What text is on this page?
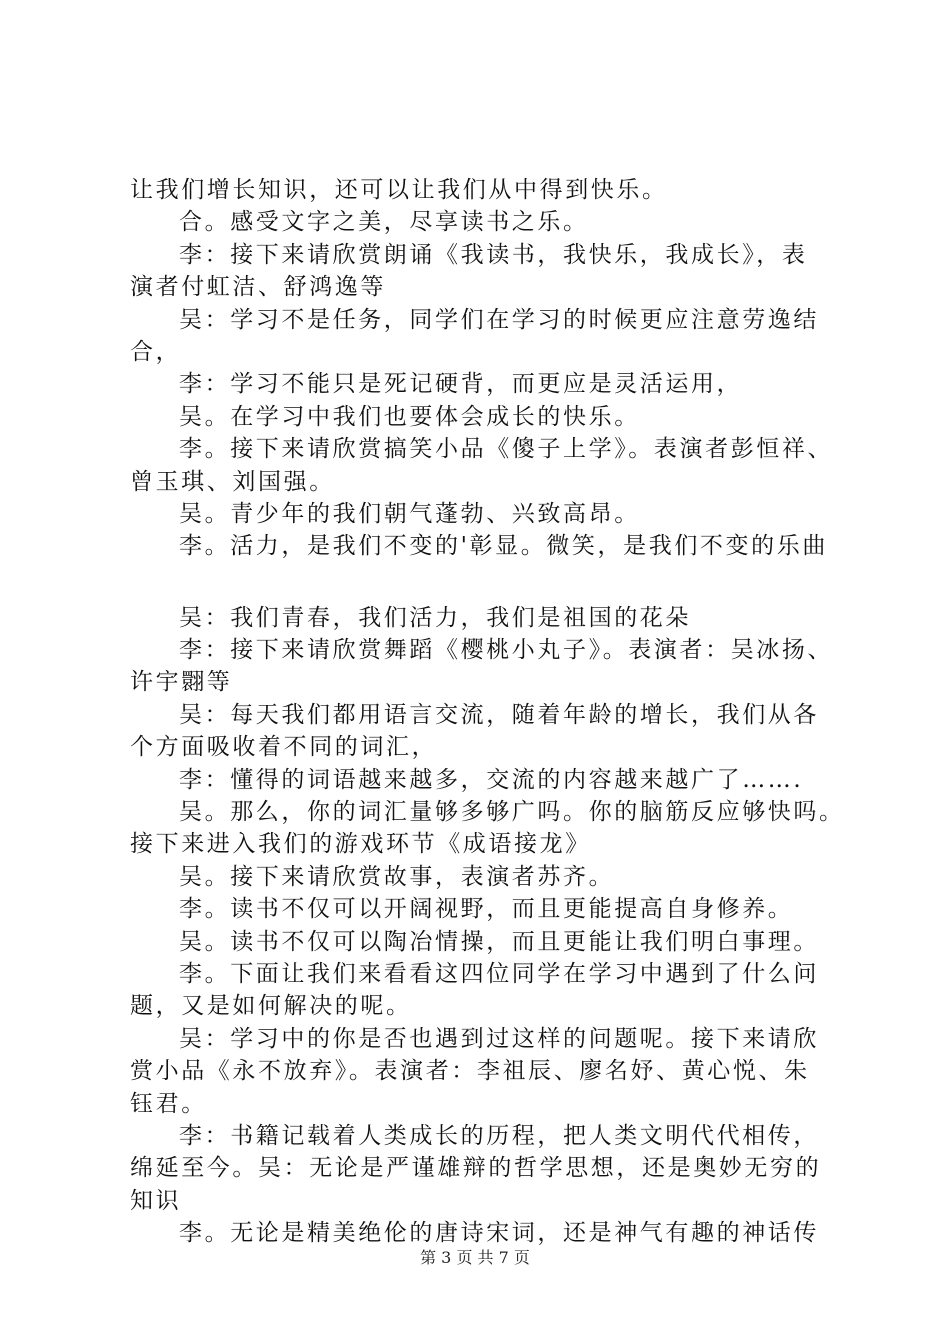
让我们增长知识，还可以让我们从中得到快乐。
合。感受文字之美，尽享读书之乐。
李：接下来请欣赏朗诵《我读书，我快乐，我成长》，表
演者付虹洁、舒鸿逸等
吴：学习不是任务，同学们在学习的时候更应注意劳逸结
合，
李：学习不能只是死记硬背，而更应是灵活运用，
吴。在学习中我们也要体会成长的快乐。
李。接下来请欣赏搞笑小品《傻子上学》。表演者彭恒祥、
曾玉琪、刘国强。
吴。青少年的我们朝气蓬勃、兴致高昂。
李。活力，是我们不变的'彰显。微笑，是我们不变的乐曲
吴：我们青春，我们活力，我们是祖国的花朵
李：接下来请欣赏舞蹈《樱桃小丸子》。表演者：吴冰扬、
许宇翾等
吴：每天我们都用语言交流，随着年龄的增长，我们从各
个方面吸收着不同的词汇，
李：懂得的词语越来越多，交流的内容越来越广了…….
吴。那么，你的词汇量够多够广吗。你的脑筋反应够快吗。
接下来进入我们的游戏环节《成语接龙》
吴。接下来请欣赏故事，表演者苏齐。
李。读书不仅可以开阔视野，而且更能提高自身修养。
吴。读书不仅可以陶冶情操，而且更能让我们明白事理。
李。下面让我们来看看这四位同学在学习中遇到了什么问
题，又是如何解决的呢。
吴：学习中的你是否也遇到过这样的问题呢。接下来请欣
赏小品《永不放弃》。表演者：李祖辰、廖名妤、黄心悦、朱
钰君。
李：书籍记载着人类成长的历程，把人类文明代代相传，
绵延至今。吴：无论是严谨雄辩的哲学思想，还是奥妙无穷的
知识
李。无论是精美绝伦的唐诗宋词，还是神气有趣的神话传
第 3 页 共 7 页
